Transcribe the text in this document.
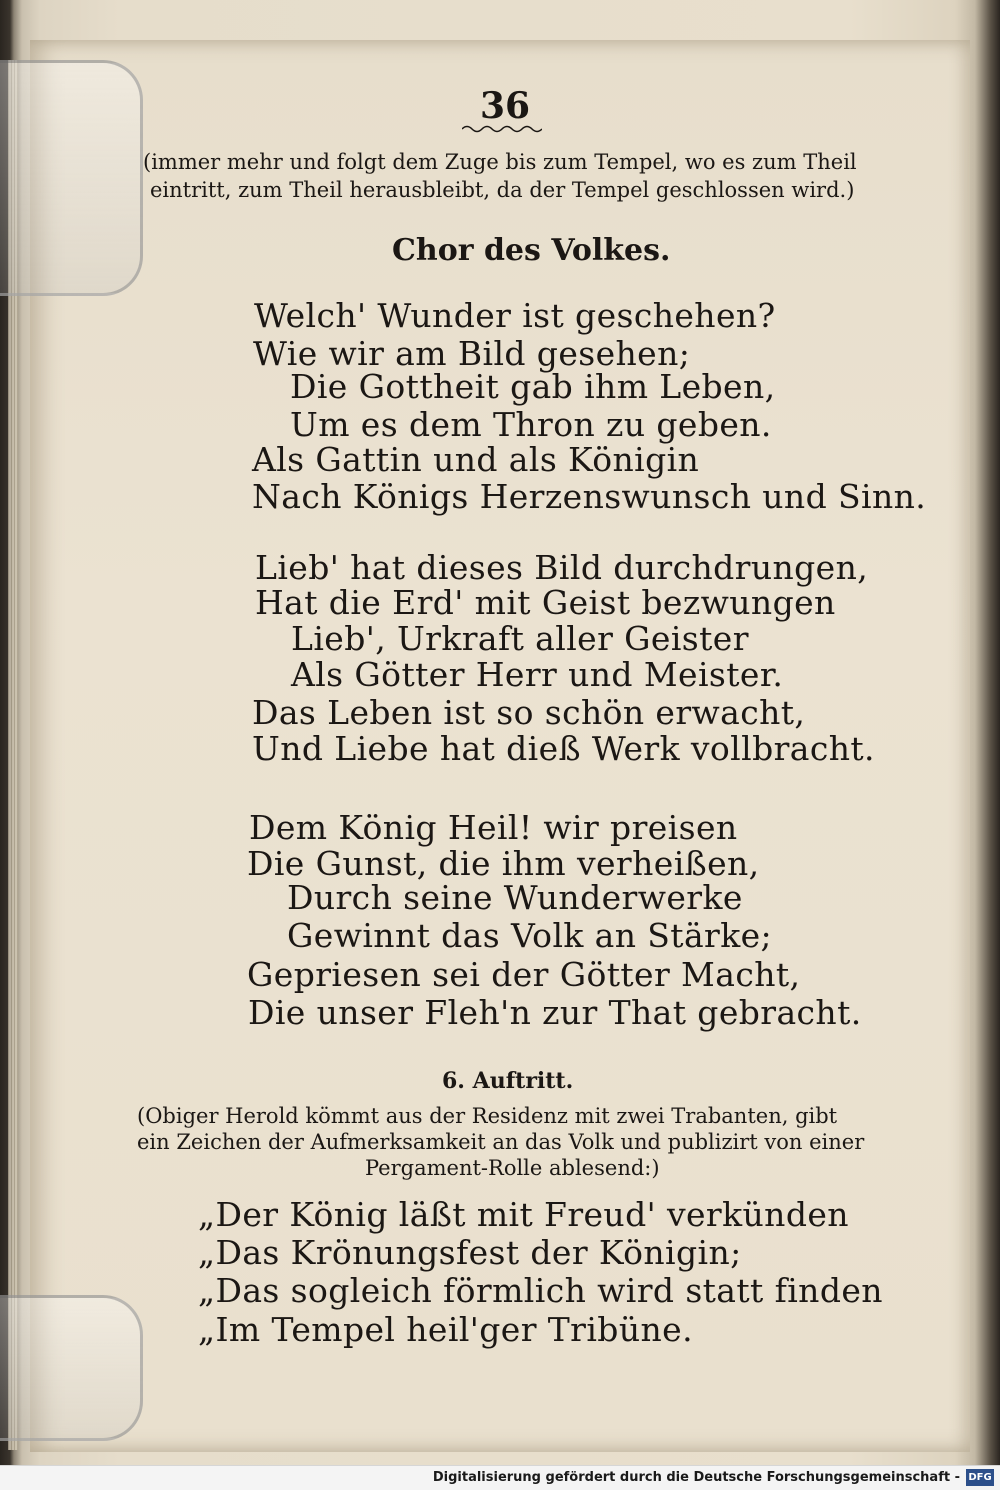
36
(immer mehr und folgt dem Zuge bis zum Tempel, wo es zum Theil
eintritt, zum Theil herausbleibt, da der Tempel geschlossen wird.)
Chor des Volkes.
Welch' Wunder ist geschehen?
Wie wir am Bild gesehen;
Die Gottheit gab ihm Leben,
Um es dem Thron zu geben.
Als Gattin und als Königin
Nach Königs Herzenswunsch und Sinn.
Lieb' hat dieses Bild durchdrungen,
Hat die Erd' mit Geist bezwungen
Lieb', Urkraft aller Geister
Als Götter Herr und Meister.
Das Leben ist so schön erwacht,
Und Liebe hat dieß Werk vollbracht.
Dem König Heil! wir preisen
Die Gunst, die ihm verheißen,
Durch seine Wunderwerke
Gewinnt das Volk an Stärke;
Gepriesen sei der Götter Macht,
Die unser Fleh'n zur That gebracht.
6. Auftritt.
(Obiger Herold kömmt aus der Residenz mit zwei Trabanten, gibt
ein Zeichen der Aufmerksamkeit an das Volk und publizirt von einer
Pergament-Rolle ablesend:)
„Der König läßt mit Freud' verkünden
„Das Krönungsfest der Königin;
„Das sogleich förmlich wird statt finden
„Im Tempel heil'ger Tribüne.
Digitalisierung gefördert durch die Deutsche Forschungsgemeinschaft - DFG
